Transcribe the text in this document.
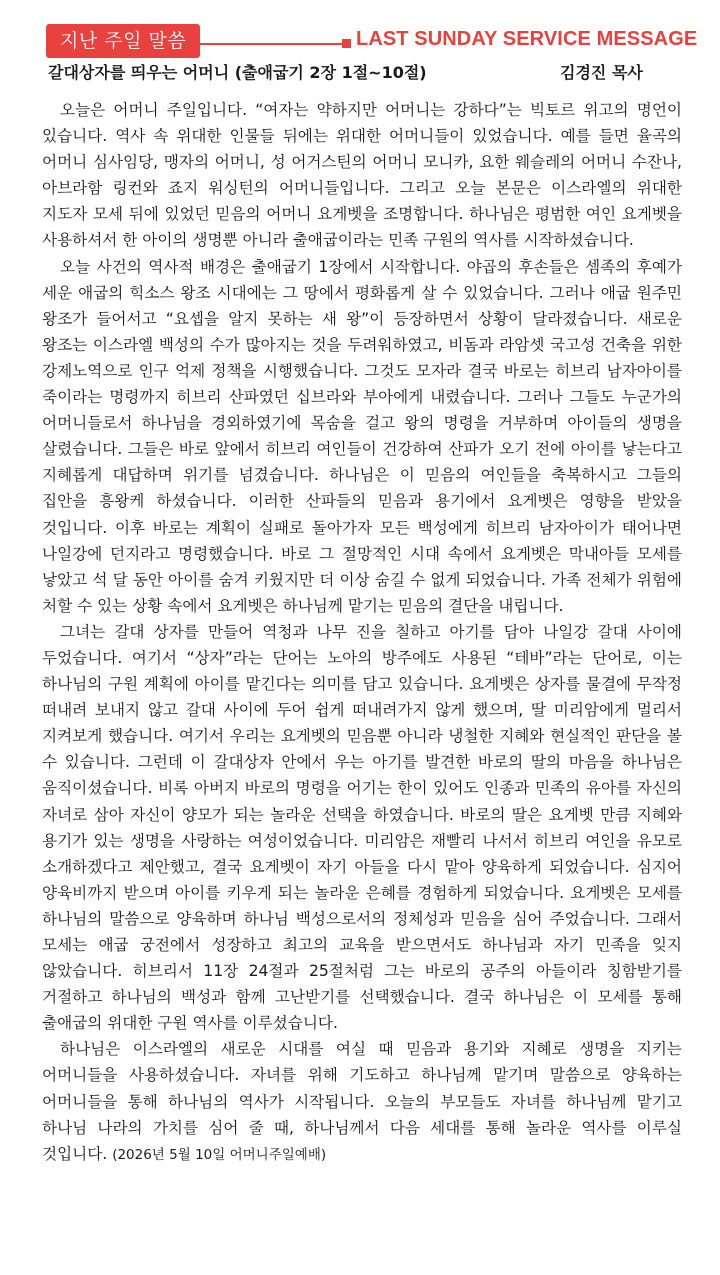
지난 주일 말씀	LAST SUNDAY SERVICE MESSAGE
갈대상자를 띄우는 어머니 (출애굽기 2장 1절~10절)	김경진 목사

오늘은 어머니 주일입니다. “여자는 약하지만 어머니는 강하다”는 빅토르 위고의 명언이 있습니다. 역사 속 위대한 인물들 뒤에는 위대한 어머니들이 있었습니다. 예를 들면 율곡의 어머니 심사임당, 맹자의 어머니, 성 어거스틴의 어머니 모니카, 요한 웨슬레의 어머니 수잔나, 아브라함 링컨와 죠지 워싱턴의 어머니들입니다. 그리고 오늘 본문은 이스라엘의 위대한 지도자 모세 뒤에 있었던 믿음의 어머니 요게벳을 조명합니다. 하나님은 평범한 여인 요게벳을 사용하셔서 한 아이의 생명뿐 아니라 출애굽이라는 민족 구원의 역사를 시작하셨습니다.

오늘 사건의 역사적 배경은 출애굽기 1장에서 시작합니다. 야곱의 후손들은 셈족의 후예가 세운 애굽의 힉소스 왕조 시대에는 그 땅에서 평화롭게 살 수 있었습니다. 그러나 애굽 원주민 왕조가 들어서고 “요셉을 알지 못하는 새 왕”이 등장하면서 상황이 달라졌습니다. 새로운 왕조는 이스라엘 백성의 수가 많아지는 것을 두려워하였고, 비돔과 라암셋 국고성 건축을 위한 강제노역으로 인구 억제 정책을 시행했습니다. 그것도 모자라 결국 바로는 히브리 남자아이를 죽이라는 명령까지 히브리 산파였던 십브라와 부아에게 내렸습니다. 그러나 그들도 누군가의 어머니들로서 하나님을 경외하였기에 목숨을 걸고 왕의 명령을 거부하며 아이들의 생명을 살렸습니다. 그들은 바로 앞에서 히브리 여인들이 건강하여 산파가 오기 전에 아이를 낳는다고 지혜롭게 대답하며 위기를 넘겼습니다. 하나님은 이 믿음의 여인들을 축복하시고 그들의 집안을 흥왕케 하셨습니다. 이러한 산파들의 믿음과 용기에서 요게벳은 영향을 받았을 것입니다. 이후 바로는 계획이 실패로 돌아가자 모든 백성에게 히브리 남자아이가 태어나면 나일강에 던지라고 명령했습니다. 바로 그 절망적인 시대 속에서 요게벳은 막내아들 모세를 낳았고 석 달 동안 아이를 숨겨 키웠지만 더 이상 숨길 수 없게 되었습니다. 가족 전체가 위험에 처할 수 있는 상황 속에서 요게벳은 하나님께 맡기는 믿음의 결단을 내립니다.

그녀는 갈대 상자를 만들어 역청과 나무 진을 칠하고 아기를 담아 나일강 갈대 사이에 두었습니다. 여기서 “상자”라는 단어는 노아의 방주에도 사용된 “테바”라는 단어로, 이는 하나님의 구원 계획에 아이를 맡긴다는 의미를 담고 있습니다. 요게벳은 상자를 물결에 무작정 떠내려 보내지 않고 갈대 사이에 두어 쉽게 떠내려가지 않게 했으며, 딸 미리암에게 멀리서 지켜보게 했습니다. 여기서 우리는 요게벳의 믿음뿐 아니라 냉철한 지혜와 현실적인 판단을 볼 수 있습니다. 그런데 이 갈대상자 안에서 우는 아기를 발견한 바로의 딸의 마음을 하나님은 움직이셨습니다. 비록 아버지 바로의 명령을 어기는 한이 있어도 인종과 민족의 유아를 자신의 자녀로 삼아 자신이 양모가 되는 놀라운 선택을 하였습니다. 바로의 딸은 요게벳 만큼 지혜와 용기가 있는 생명을 사랑하는 여성이었습니다. 미리암은 재빨리 나서서 히브리 여인을 유모로 소개하겠다고 제안했고, 결국 요게벳이 자기 아들을 다시 맡아 양육하게 되었습니다. 심지어 양육비까지 받으며 아이를 키우게 되는 놀라운 은혜를 경험하게 되었습니다. 요게벳은 모세를 하나님의 말씀으로 양육하며 하나님 백성으로서의 정체성과 믿음을 심어 주었습니다. 그래서 모세는 애굽 궁전에서 성장하고 최고의 교육을 받으면서도 하나님과 자기 민족을 잊지 않았습니다. 히브리서 11장 24절과 25절처럼 그는 바로의 공주의 아들이라 칭함받기를 거절하고 하나님의 백성과 함께 고난받기를 선택했습니다. 결국 하나님은 이 모세를 통해 출애굽의 위대한 구원 역사를 이루셨습니다.

하나님은 이스라엘의 새로운 시대를 여실 때 믿음과 용기와 지혜로 생명을 지키는 어머니들을 사용하셨습니다. 자녀를 위해 기도하고 하나님께 맡기며 말씀으로 양육하는 어머니들을 통해 하나님의 역사가 시작됩니다. 오늘의 부모들도 자녀를 하나님께 맡기고 하나님 나라의 가치를 심어 줄 때, 하나님께서 다음 세대를 통해 놀라운 역사를 이루실 것입니다. (2026년 5월 10일 어머니주일예배)
